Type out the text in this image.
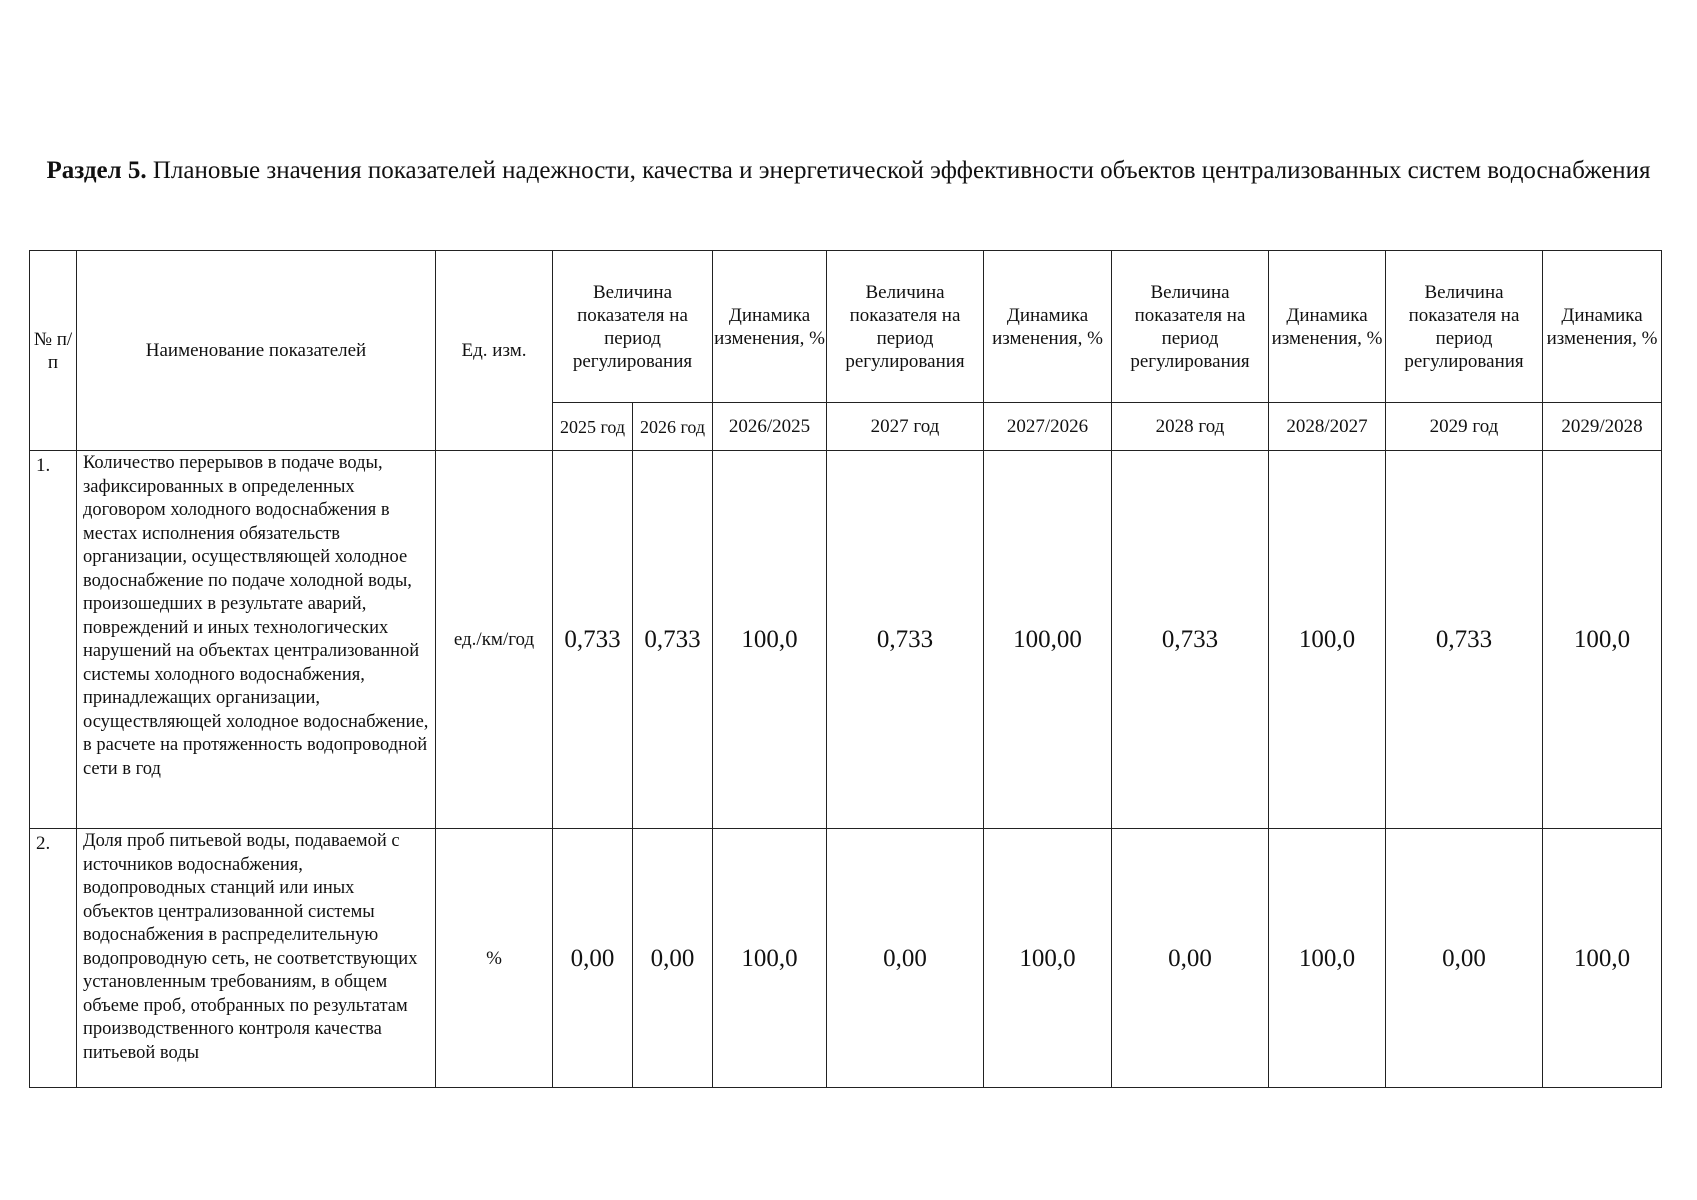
Раздел 5. Плановые значения показателей надежности, качества и энергетической эффективности объектов централизованных систем водоснабжения
№ п/п	Наименование показателей	Ед. изм.	Величина показателя на период регулирования		Динамика изменения, %	Величина показателя на период регулирования	Динамика изменения, %	Величина показателя на период регулирования	Динамика изменения, %	Величина показателя на период регулирования	Динамика изменения, %
			2025 год	2026 год	2026/2025	2027 год	2027/2026	2028 год	2028/2027	2029 год	2029/2028
1.	Количество перерывов в подаче воды, зафиксированных в определенных договором холодного водоснабжения в местах исполнения обязательств организации, осуществляющей холодное водоснабжение по подаче холодной воды, произошедших в результате аварий, повреждений и иных технологических нарушений на объектах централизованной системы холодного водоснабжения, принадлежащих организации, осуществляющей холодное водоснабжение, в расчете на протяженность водопроводной сети в год	ед./км/год	0,733	0,733	100,0	0,733	100,00	0,733	100,0	0,733	100,0
2.	Доля проб питьевой воды, подаваемой с источников водоснабжения, водопроводных станций или иных объектов централизованной системы водоснабжения в распределительную водопроводную сеть, не соответствующих установленным требованиям, в общем объеме проб, отобранных по результатам производственного контроля качества питьевой воды	%	0,00	0,00	100,0	0,00	100,0	0,00	100,0	0,00	100,0
